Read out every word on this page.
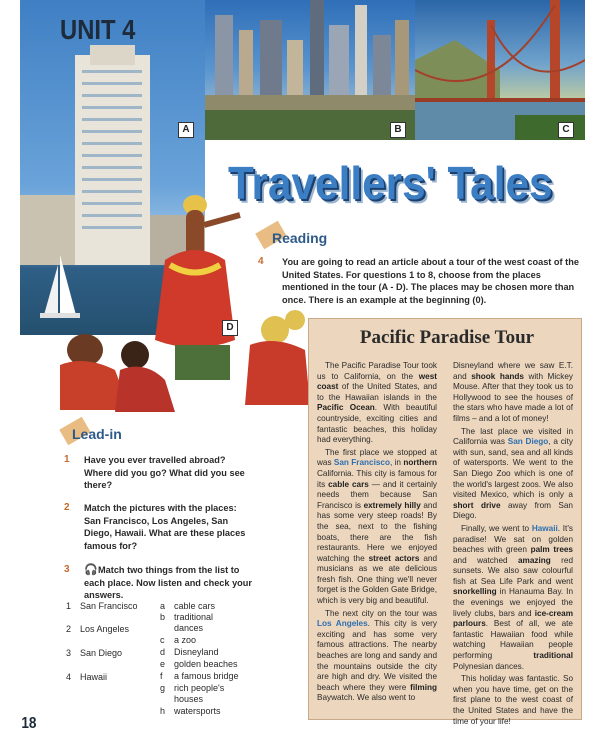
A	B	C
UNIT 4
Travellers' Tales
D
Reading
4 You are going to read an article about a tour of the west coast of the United States. For questions 1 to 8, choose from the places mentioned in the tour (A - D). The places may be chosen more than once. There is an example at the beginning (0).
Lead-in
1 Have you ever travelled abroad? Where did you go? What did you see there?
2 Match the pictures with the places: San Francisco, Los Angeles, San Diego, Hawaii. What are these places famous for?
3 🎧 Match two things from the list to each place. Now listen and check your answers.
1 San Francisco
2 Los Angeles
3 San Diego
4 Hawaii
a cable cars
b traditional dances
c a zoo
d Disneyland
e golden beaches
f a famous bridge
g rich people's houses
h watersports
Pacific Paradise Tour

The Pacific Paradise Tour took us to California, on the west coast of the United States, and to the Hawaiian islands in the Pacific Ocean. With beautiful countryside, exciting cities and fantastic beaches, this holiday had everything.

The first place we stopped at was San Francisco, in northern California. This city is famous for its cable cars — and it certainly needs them because San Francisco is extremely hilly and has some very steep roads! By the sea, next to the fishing boats, there are the fish restaurants. Here we enjoyed watching the street actors and musicians as we ate delicious fresh fish. One thing we'll never forget is the Golden Gate Bridge, which is very big and beautiful.

The next city on the tour was Los Angeles. This city is very exciting and has some very famous attractions. The nearby beaches are long and sandy and the mountains outside the city are high and dry. We visited the beach where they were filming Baywatch. We also went to

Disneyland where we saw E.T. and shook hands with Mickey Mouse. After that they took us to Hollywood to see the houses of the stars who have made a lot of films – and a lot of money!

The last place we visited in California was San Diego, a city with sun, sand, sea and all kinds of watersports. We went to the San Diego Zoo which is one of the world's largest zoos. We also visited Mexico, which is only a short drive away from San Diego.

Finally, we went to Hawaii. It's paradise! We sat on golden beaches with green palm trees and watched amazing red sunsets. We also saw colourful fish at Sea Life Park and went snorkelling in Hanauma Bay. In the evenings we enjoyed the lively clubs, bars and ice-cream parlours. Best of all, we ate fantastic Hawaiian food while watching Hawaiian people performing traditional Polynesian dances.

This holiday was fantastic. So when you have time, get on the first plane to the west coast of the United States and have the time of your life!

18
